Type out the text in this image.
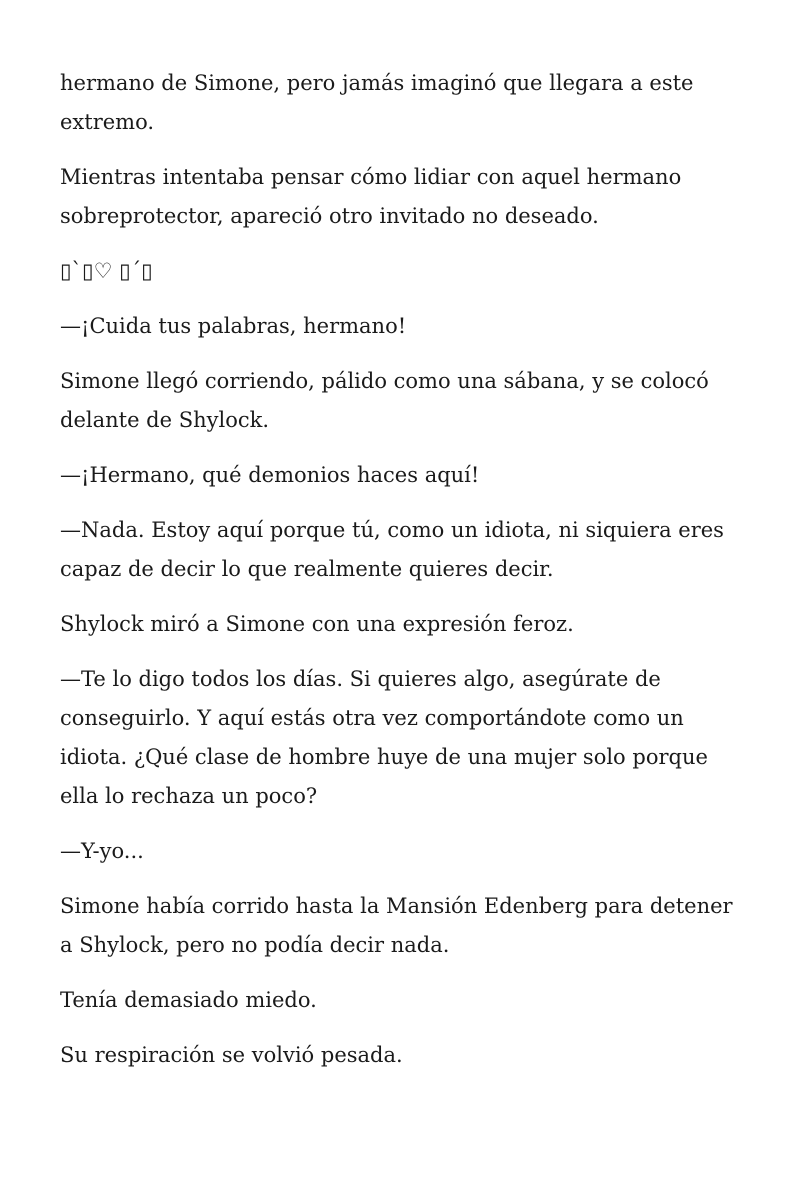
hermano de Simone, pero jamás imaginó que llegara a este extremo.

Mientras intentaba pensar cómo lidiar con aquel hermano sobreprotector, apareció otro invitado no deseado.

▯`▯♡ ▯´▯

—¡Cuida tus palabras, hermano!

Simone llegó corriendo, pálido como una sábana, y se colocó delante de Shylock.

—¡Hermano, qué demonios haces aquí!

—Nada. Estoy aquí porque tú, como un idiota, ni siquiera eres capaz de decir lo que realmente quieres decir.

Shylock miró a Simone con una expresión feroz.

—Te lo digo todos los días. Si quieres algo, asegúrate de conseguirlo. Y aquí estás otra vez comportándote como un idiota. ¿Qué clase de hombre huye de una mujer solo porque ella lo rechaza un poco?

—Y-yo...

Simone había corrido hasta la Mansión Edenberg para detener a Shylock, pero no podía decir nada.

Tenía demasiado miedo.

Su respiración se volvió pesada.
